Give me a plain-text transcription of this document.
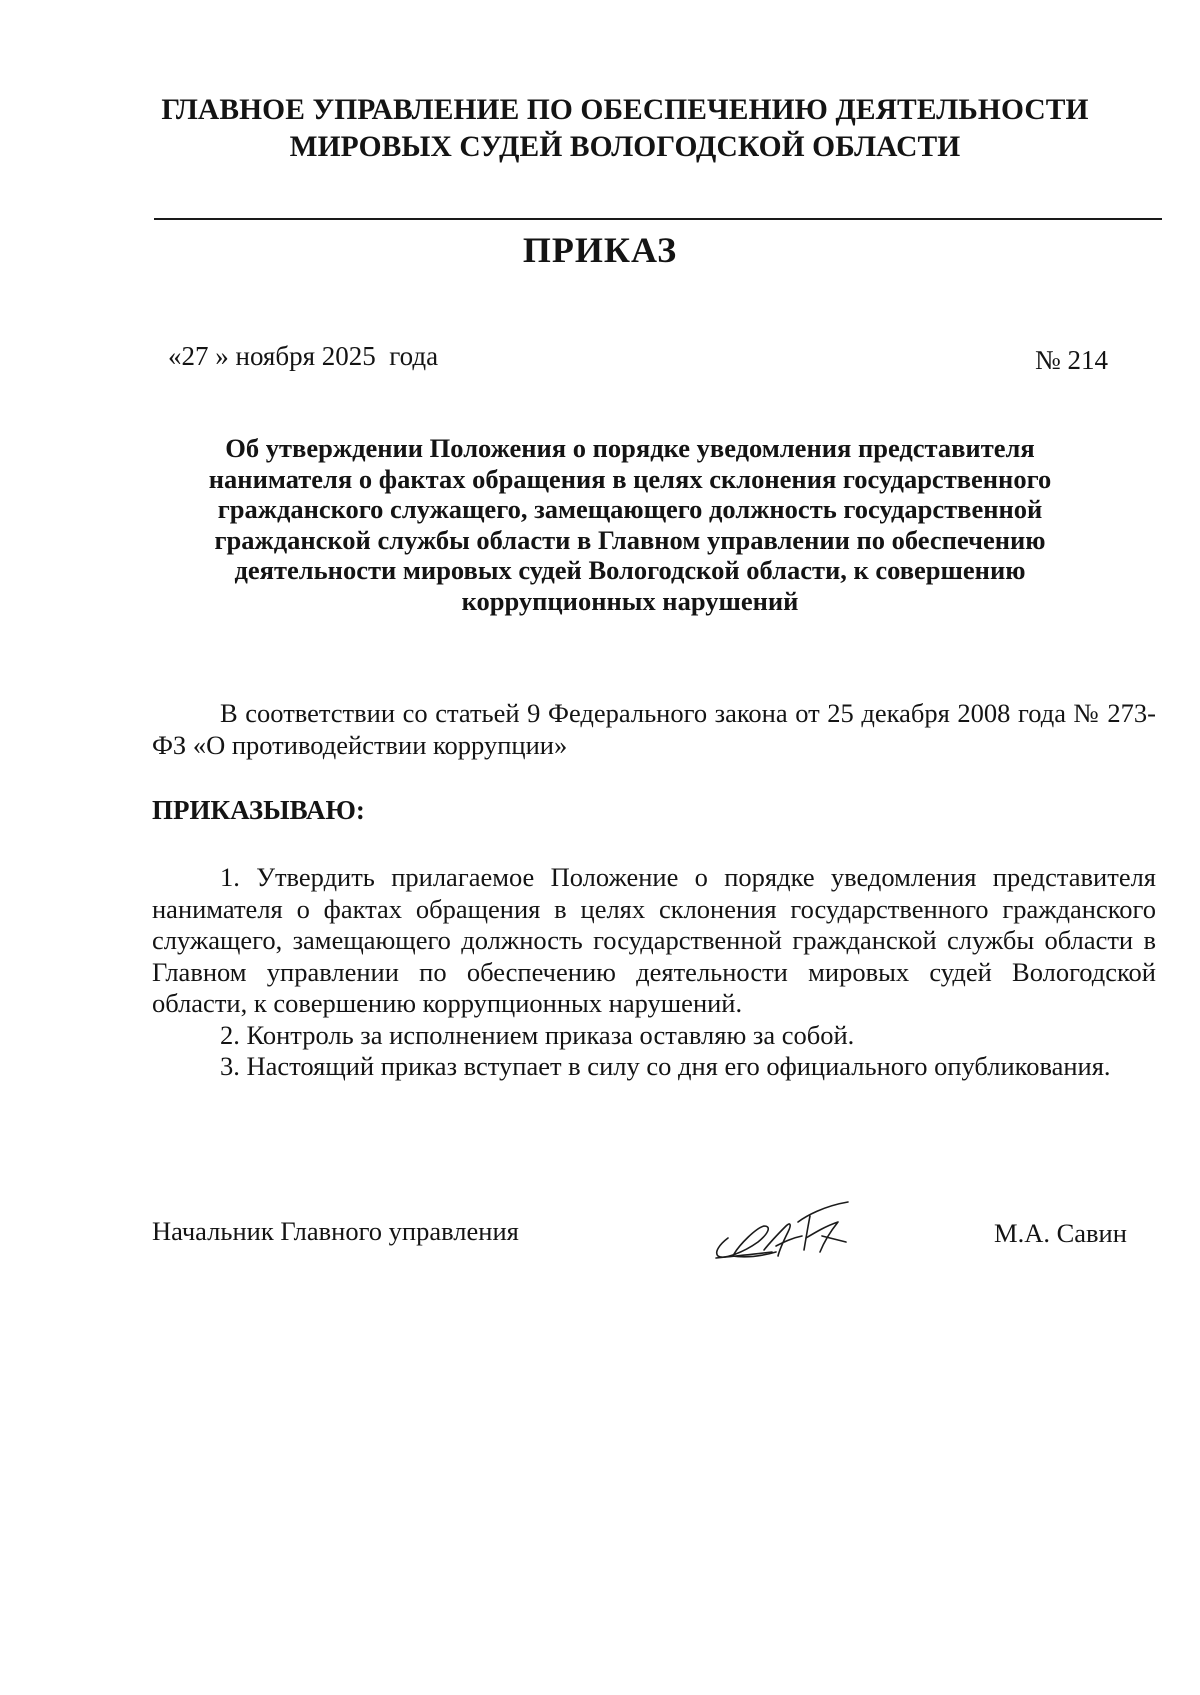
ГЛАВНОЕ УПРАВЛЕНИЕ ПО ОБЕСПЕЧЕНИЮ ДЕЯТЕЛЬНОСТИ
МИРОВЫХ СУДЕЙ ВОЛОГОДСКОЙ ОБЛАСТИ
ПРИКАЗ
«27 » ноября 2025  года	№ 214
Об утверждении Положения о порядке уведомления представителя нанимателя о фактах обращения в целях склонения государственного гражданского служащего, замещающего должность государственной гражданской службы области в Главном управлении по обеспечению деятельности мировых судей Вологодской области, к совершению коррупционных нарушений

В соответствии со статьей 9 Федерального закона от 25 декабря 2008 года № 273-ФЗ «О противодействии коррупции»

ПРИКАЗЫВАЮ:

1. Утвердить прилагаемое Положение о порядке уведомления представителя нанимателя о фактах обращения в целях склонения государственного гражданского служащего, замещающего должность государственной гражданской службы области в Главном управлении по обеспечению деятельности мировых судей Вологодской области, к совершению коррупционных нарушений.

2. Контроль за исполнением приказа оставляю за собой.

3. Настоящий приказ вступает в силу со дня его официального опубликования.

Начальник Главного управления	М.А. Савин
